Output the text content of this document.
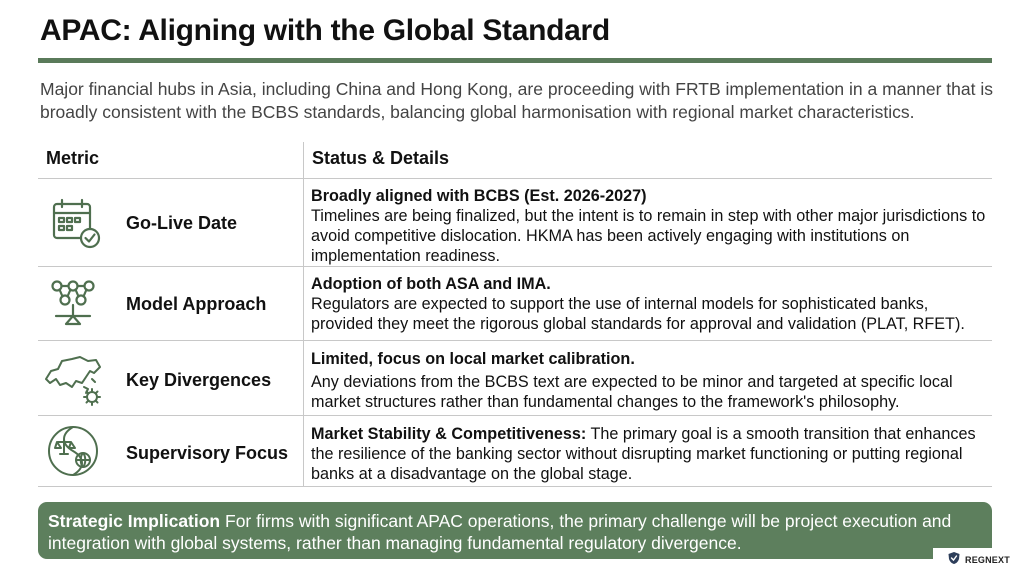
APAC: Aligning with the Global Standard
Major financial hubs in Asia, including China and Hong Kong, are proceeding with FRTB implementation in a manner that is broadly consistent with the BCBS standards, balancing global harmonisation with regional market characteristics.
Metric	Status & Details
Go-Live Date
Broadly aligned with BCBS (Est. 2026-2027)
Timelines are being finalized, but the intent is to remain in step with other major jurisdictions to avoid competitive dislocation. HKMA has been actively engaging with institutions on implementation readiness.
Model Approach
Adoption of both ASA and IMA.
Regulators are expected to support the use of internal models for sophisticated banks, provided they meet the rigorous global standards for approval and validation (PLAT, RFET).
Key Divergences
Limited, focus on local market calibration.
Any deviations from the BCBS text are expected to be minor and targeted at specific local market structures rather than fundamental changes to the framework's philosophy.
Supervisory Focus
Market Stability & Competitiveness: The primary goal is a smooth transition that enhances the resilience of the banking sector without disrupting market functioning or putting regional banks at a disadvantage on the global stage.
Strategic Implication For firms with significant APAC operations, the primary challenge will be project execution and integration with global systems, rather than managing fundamental regulatory divergence.
REGNEXT
